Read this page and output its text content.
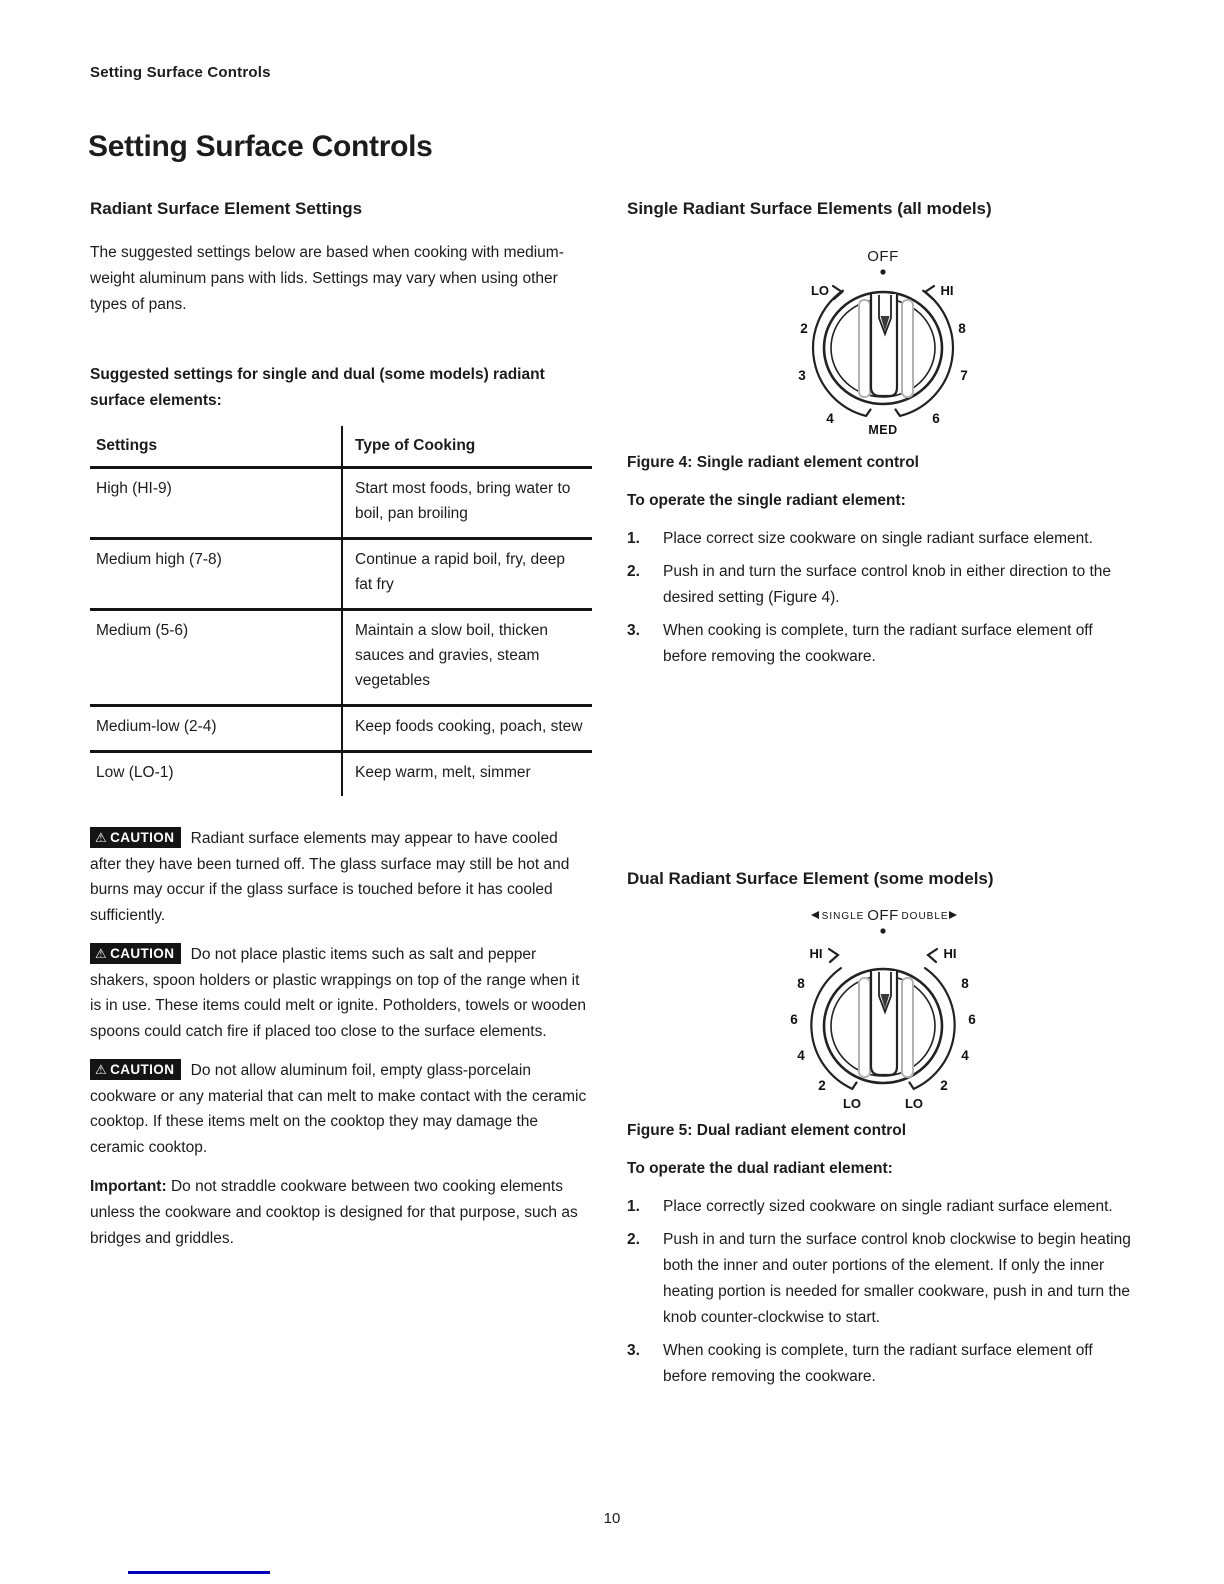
Setting Surface Controls
Setting Surface Controls
Radiant Surface Element Settings

The suggested settings below are based when cooking with medium-weight aluminum pans with lids. Settings may vary when using other types of pans.

Suggested settings for single and dual (some models) radiant surface elements:

Settings	Type of Cooking
High (HI-9)	Start most foods, bring water to boil, pan broiling
Medium high (7-8)	Continue a rapid boil, fry, deep fat fry
Medium (5-6)	Maintain a slow boil, thicken sauces and gravies, steam vegetables
Medium-low (2-4)	Keep foods cooking, poach, stew
Low (LO-1)	Keep warm, melt, simmer

⚠ CAUTION Radiant surface elements may appear to have cooled after they have been turned off. The glass surface may still be hot and burns may occur if the glass surface is touched before it has cooled sufficiently.

⚠ CAUTION Do not place plastic items such as salt and pepper shakers, spoon holders or plastic wrappings on top of the range when it is in use. These items could melt or ignite. Potholders, towels or wooden spoons could catch fire if placed too close to the surface elements.

⚠ CAUTION Do not allow aluminum foil, empty glass-porcelain cookware or any material that can melt to make contact with the ceramic cooktop. If these items melt on the cooktop they may damage the ceramic cooktop.

Important: Do not straddle cookware between two cooking elements unless the cookware and cooktop is designed for that purpose, such as bridges and griddles.

Single Radiant Surface Elements (all models)
OFF
LO	HI
2
3
4
8
7
6
MED

Figure 4: Single radiant element control

To operate the single radiant element:

1.	Place correct size cookware on single radiant surface element.
2.	Push in and turn the surface control knob in either direction to the desired setting (Figure 4).
3.	When cooking is complete, turn the radiant surface element off before removing the cookware.
Dual Radiant Surface Element (some models)
SINGLE OFF DOUBLE
HI	HI
8
6
4
2
8
6
4
2
LO	LO

Figure 5: Dual radiant element control

To operate the dual radiant element:

1.	Place correctly sized cookware on single radiant surface element.
2.	Push in and turn the surface control knob clockwise to begin heating both the inner and outer portions of the element. If only the inner heating portion is needed for smaller cookware, push in and turn the knob counter-clockwise to start.
3.	When cooking is complete, turn the radiant surface element off before removing the cookware.
10
